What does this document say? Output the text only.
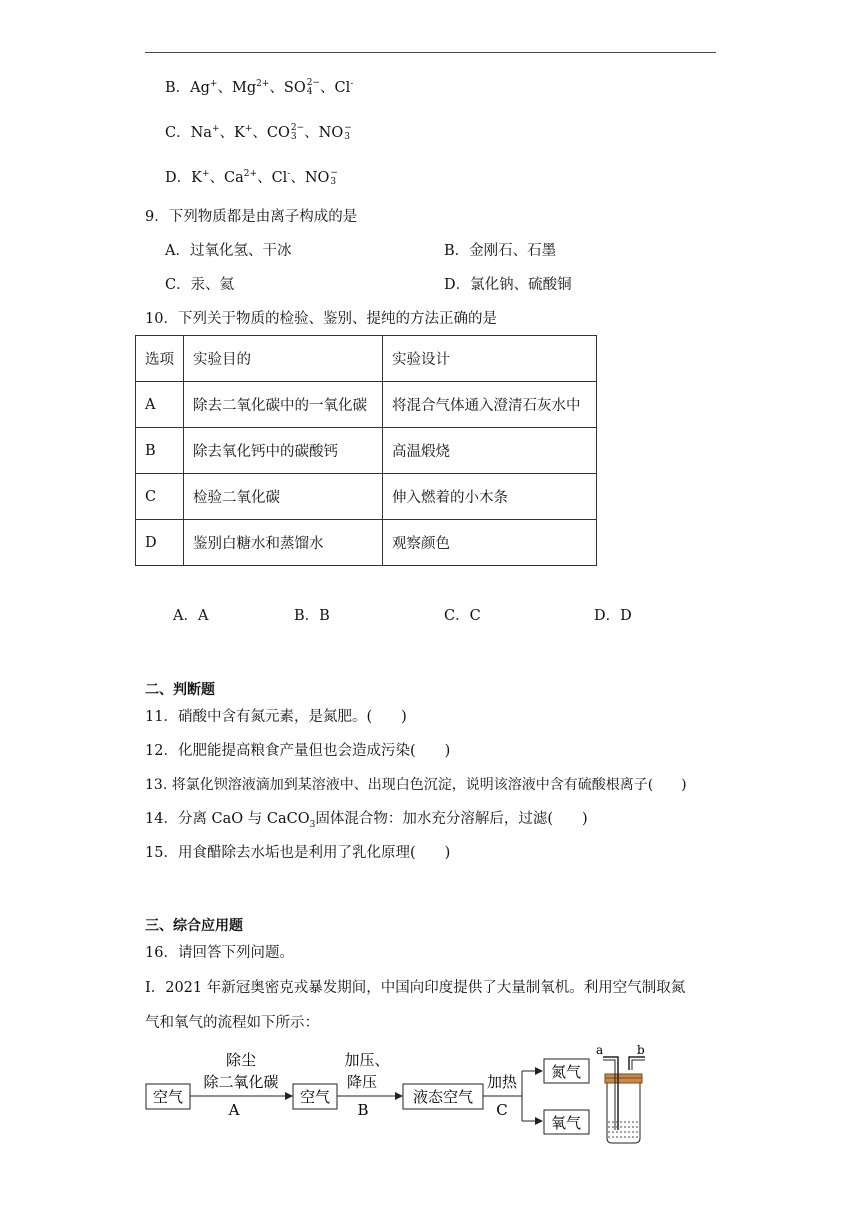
B．Ag+、$Mg^{2+}$、SO 2−
4 、Cl-
C．Na+、K+、CO 2−
3 、NO −
3
D．K+、$Ca^{2+}$、Cl-、NO −
3
9．下列物质都是由离子构成的是
A．过氧化氢、干冰	B．金刚石、石墨
C．汞、氦	D．氯化钠、硫酸铜
10．下列关于物质的检验、鉴别、提纯的方法正确的是
选项	实验目的	实验设计
A	除去二氧化碳中的一氧化碳	将混合气体通入澄清石灰水中
B	除去氧化钙中的碳酸钙	高温煅烧
C	检验二氧化碳	伸入燃着的小木条
D	鉴别白糖水和蒸馏水	观察颜色
A．A	B．B	C．C	D．D
二、判断题
11．硝酸中含有氮元素，是氮肥。(　　)
12．化肥能提高粮食产量但也会造成污染(　　)
13. 将氯化钡溶液滴加到某溶液中、出现白色沉淀，说明该溶液中含有硫酸根离子(　　)
14．分离 CaO 与 CaCO$_3$固体混合物：加水充分溶解后，过滤(　　)
15．用食醋除去水垢也是利用了乳化原理(　　)
三、综合应用题
16．请回答下列问题。
Ⅰ．2021 年新冠奥密克戎暴发期间，中国向印度提供了大量制氧机。利用空气制取氮
气和氧气的流程如下所示：
空气
除尘
除二氧化碳
A
空气
加压、
降压
B
液态空气
加热
C
氮气
氧气
a	b
